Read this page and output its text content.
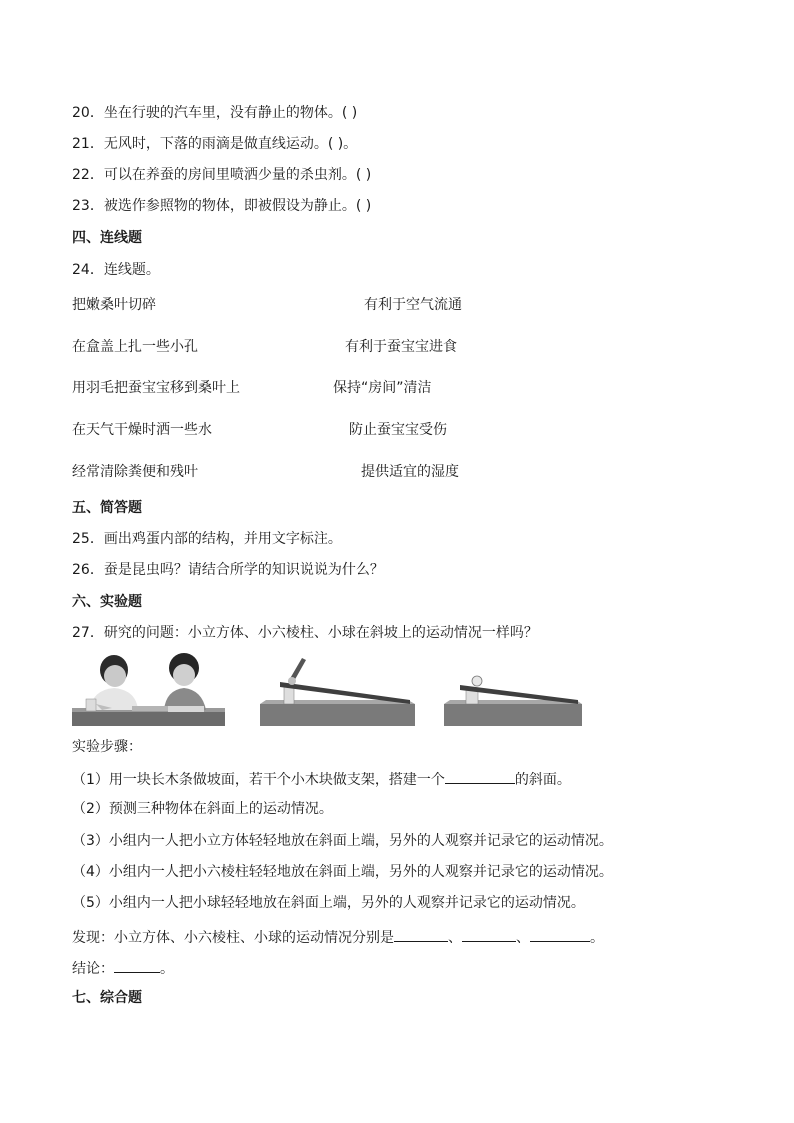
20．坐在行驶的汽车里，没有静止的物体。( )
21．无风时，下落的雨滴是做直线运动。( )。
22．可以在养蚕的房间里喷洒少量的杀虫剂。( )
23．被选作参照物的物体，即被假设为静止。( )
四、连线题
24．连线题。
把嫩桑叶切碎	有利于空气流通
在盒盖上扎一些小孔	有利于蚕宝宝进食
用羽毛把蚕宝宝移到桑叶上	保持“房间”清洁
在天气干燥时洒一些水	防止蚕宝宝受伤
经常清除粪便和残叶	提供适宜的湿度
五、简答题
25．画出鸡蛋内部的结构，并用文字标注。
26．蚕是昆虫吗？请结合所学的知识说说为什么？
六、实验题
27．研究的问题：小立方体、小六棱柱、小球在斜坡上的运动情况一样吗？
实验步骤：
（1）用一块长木条做坡面，若干个小木块做支架，搭建一个	的斜面。
（2）预测三种物体在斜面上的运动情况。
（3）小组内一人把小立方体轻轻地放在斜面上端，另外的人观察并记录它的运动情况。
（4）小组内一人把小六棱柱轻轻地放在斜面上端，另外的人观察并记录它的运动情况。
（5）小组内一人把小球轻轻地放在斜面上端，另外的人观察并记录它的运动情况。
发现：小立方体、小六棱柱、小球的运动情况分别是	、	、	。
结论：	。
七、综合题
